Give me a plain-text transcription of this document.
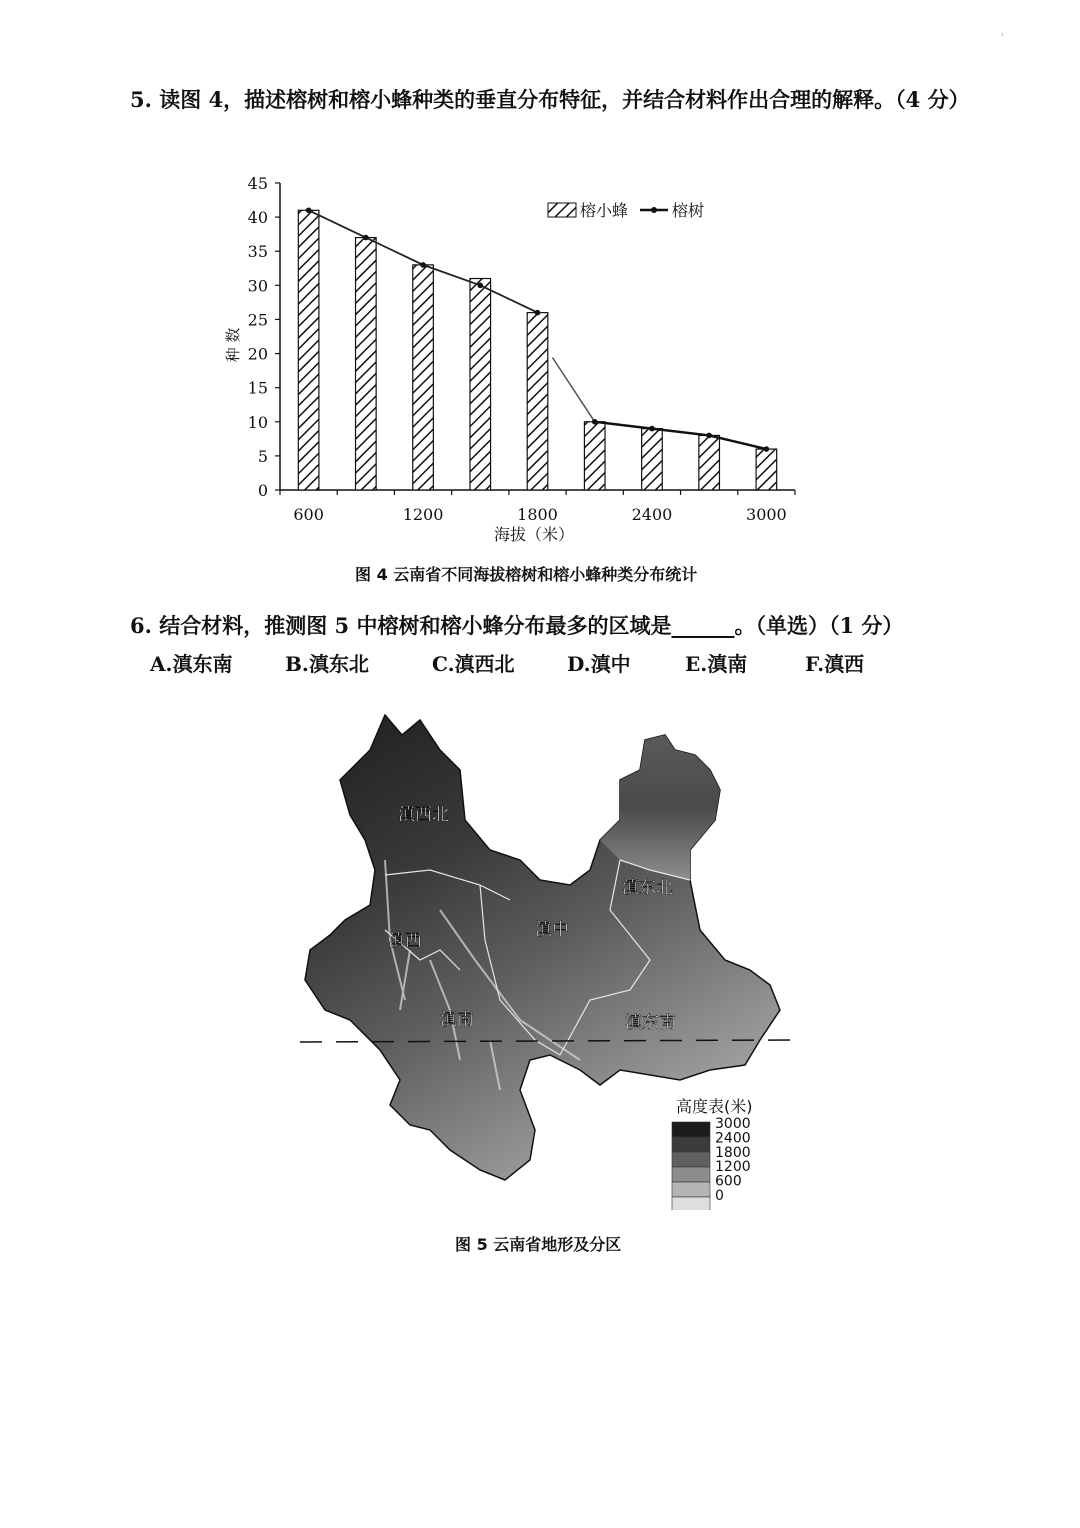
‹
5. 读图 4，描述榕树和榕小蜂种类的垂直分布特征，并结合材料作出合理的解释。（4 分）
0
5
10
15
20
25
30
35
40
45
600	1200	1800	2400	3000
种 数
海拔（米）
榕小蜂	榕树
图 4 云南省不同海拔榕树和榕小蜂种类分布统计
6. 结合材料，推测图 5 中榕树和榕小蜂分布最多的区域是______。（单选）（1 分）
A.滇东南	B.滇东北	C.滇西北	D.滇中	E.滇南	F.滇西
滇西北
滇东北
滇西
滇中
滇南	滇东南
高度表(米)
3000
2400
1800
1200
600
0
图 5 云南省地形及分区
